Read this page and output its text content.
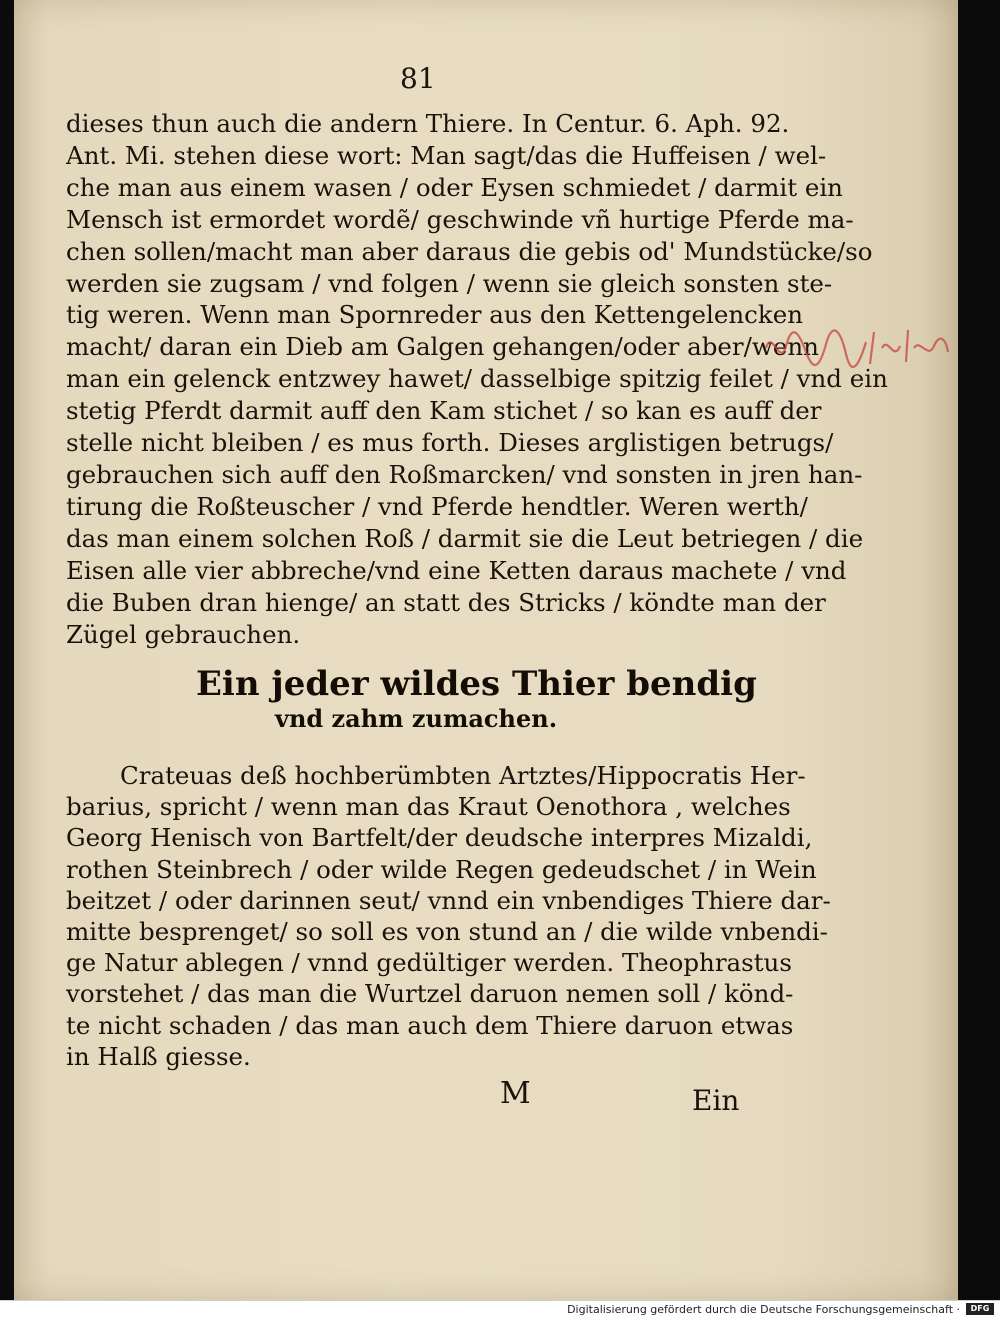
81
dieses thun auch die andern Thiere. In Centur. 6. Aph. 92.
Ant. Mi. stehen diese wort: Man sagt/das die Huffeisen / wel-
che man aus einem wasen / oder Eysen schmiedet / darmit ein
Mensch ist ermordet wordẽ/ geschwinde vñ hurtige Pferde ma-
chen sollen/macht man aber daraus die gebis od' Mundstücke/so
werden sie zugsam / vnd folgen / wenn sie gleich sonsten ste-
tig weren. Wenn man Spornreder aus den Kettengelencken
macht/ daran ein Dieb am Galgen gehangen/oder aber/wenn
man ein gelenck entzwey hawet/ dasselbige spitzig feilet / vnd ein
stetig Pferdt darmit auff den Kam stichet / so kan es auff der
stelle nicht bleiben / es mus forth. Dieses arglistigen betrugs/
gebrauchen sich auff den Roßmarcken/ vnd sonsten in jren han-
tirung die Roßteuscher / vnd Pferde hendtler. Weren werth/
das man einem solchen Roß / darmit sie die Leut betriegen / die
Eisen alle vier abbreche/vnd eine Ketten daraus machete / vnd
die Buben dran hienge/ an statt des Stricks / köndte man der
Zügel gebrauchen.
Ein jeder wildes Thier bendig
vnd zahm zumachen.
Crateuas deß hochberümbten Artztes/Hippocratis Her-
barius, spricht / wenn man das Kraut Oenothora , welches
Georg Henisch von Bartfelt/der deudsche interpres Mizaldi,
rothen Steinbrech / oder wilde Regen gedeudschet / in Wein
beitzet / oder darinnen seut/ vnnd ein vnbendiges Thiere dar-
mitte besprenget/ so soll es von stund an / die wilde vnbendi-
ge Natur ablegen / vnnd gedültiger werden. Theophrastus
vorstehet / das man die Wurtzel daruon nemen soll / könd-
te nicht schaden / das man auch dem Thiere daruon etwas
in Halß giesse.
M	Ein
Digitalisierung gefördert durch die Deutsche Forschungsgemeinschaft ·	DFG
